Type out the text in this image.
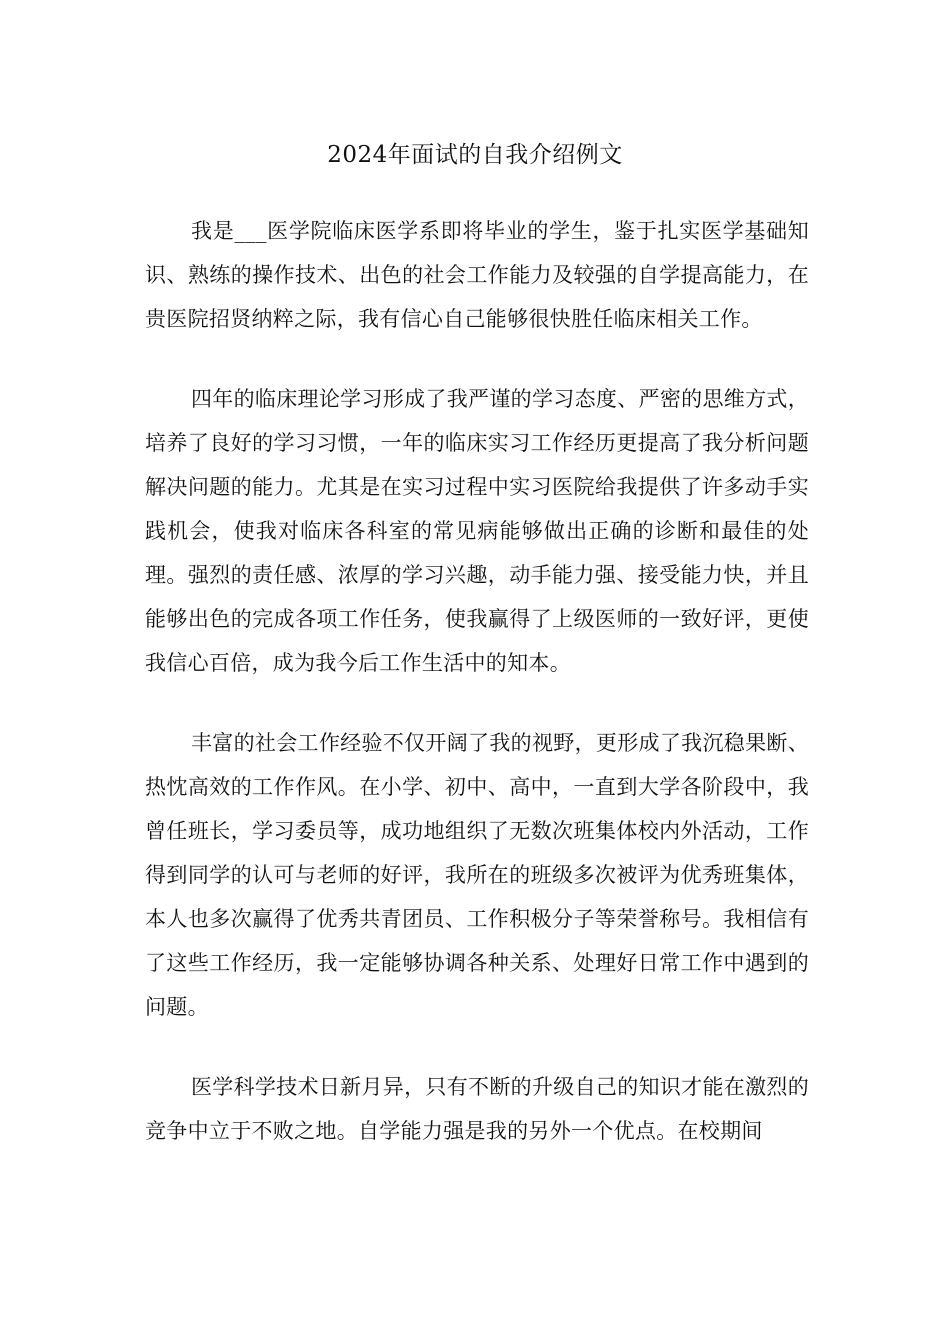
2024年面试的自我介绍例文

我是___医学院临床医学系即将毕业的学生，鉴于扎实医学基础知识、熟练的操作技术、出色的社会工作能力及较强的自学提高能力，在贵医院招贤纳粹之际，我有信心自己能够很快胜任临床相关工作。

四年的临床理论学习形成了我严谨的学习态度、严密的思维方式，培养了良好的学习习惯，一年的临床实习工作经历更提高了我分析问题解决问题的能力。尤其是在实习过程中实习医院给我提供了许多动手实践机会，使我对临床各科室的常见病能够做出正确的诊断和最佳的处理。强烈的责任感、浓厚的学习兴趣，动手能力强、接受能力快，并且能够出色的完成各项工作任务，使我赢得了上级医师的一致好评，更使我信心百倍，成为我今后工作生活中的知本。

丰富的社会工作经验不仅开阔了我的视野，更形成了我沉稳果断、热忱高效的工作作风。在小学、初中、高中，一直到大学各阶段中，我曾任班长，学习委员等，成功地组织了无数次班集体校内外活动，工作得到同学的认可与老师的好评，我所在的班级多次被评为优秀班集体，本人也多次赢得了优秀共青团员、工作积极分子等荣誉称号。我相信有了这些工作经历，我一定能够协调各种关系、处理好日常工作中遇到的问题。

医学科学技术日新月异，只有不断的升级自己的知识才能在激烈的竞争中立于不败之地。自学能力强是我的另外一个优点。在校期间
